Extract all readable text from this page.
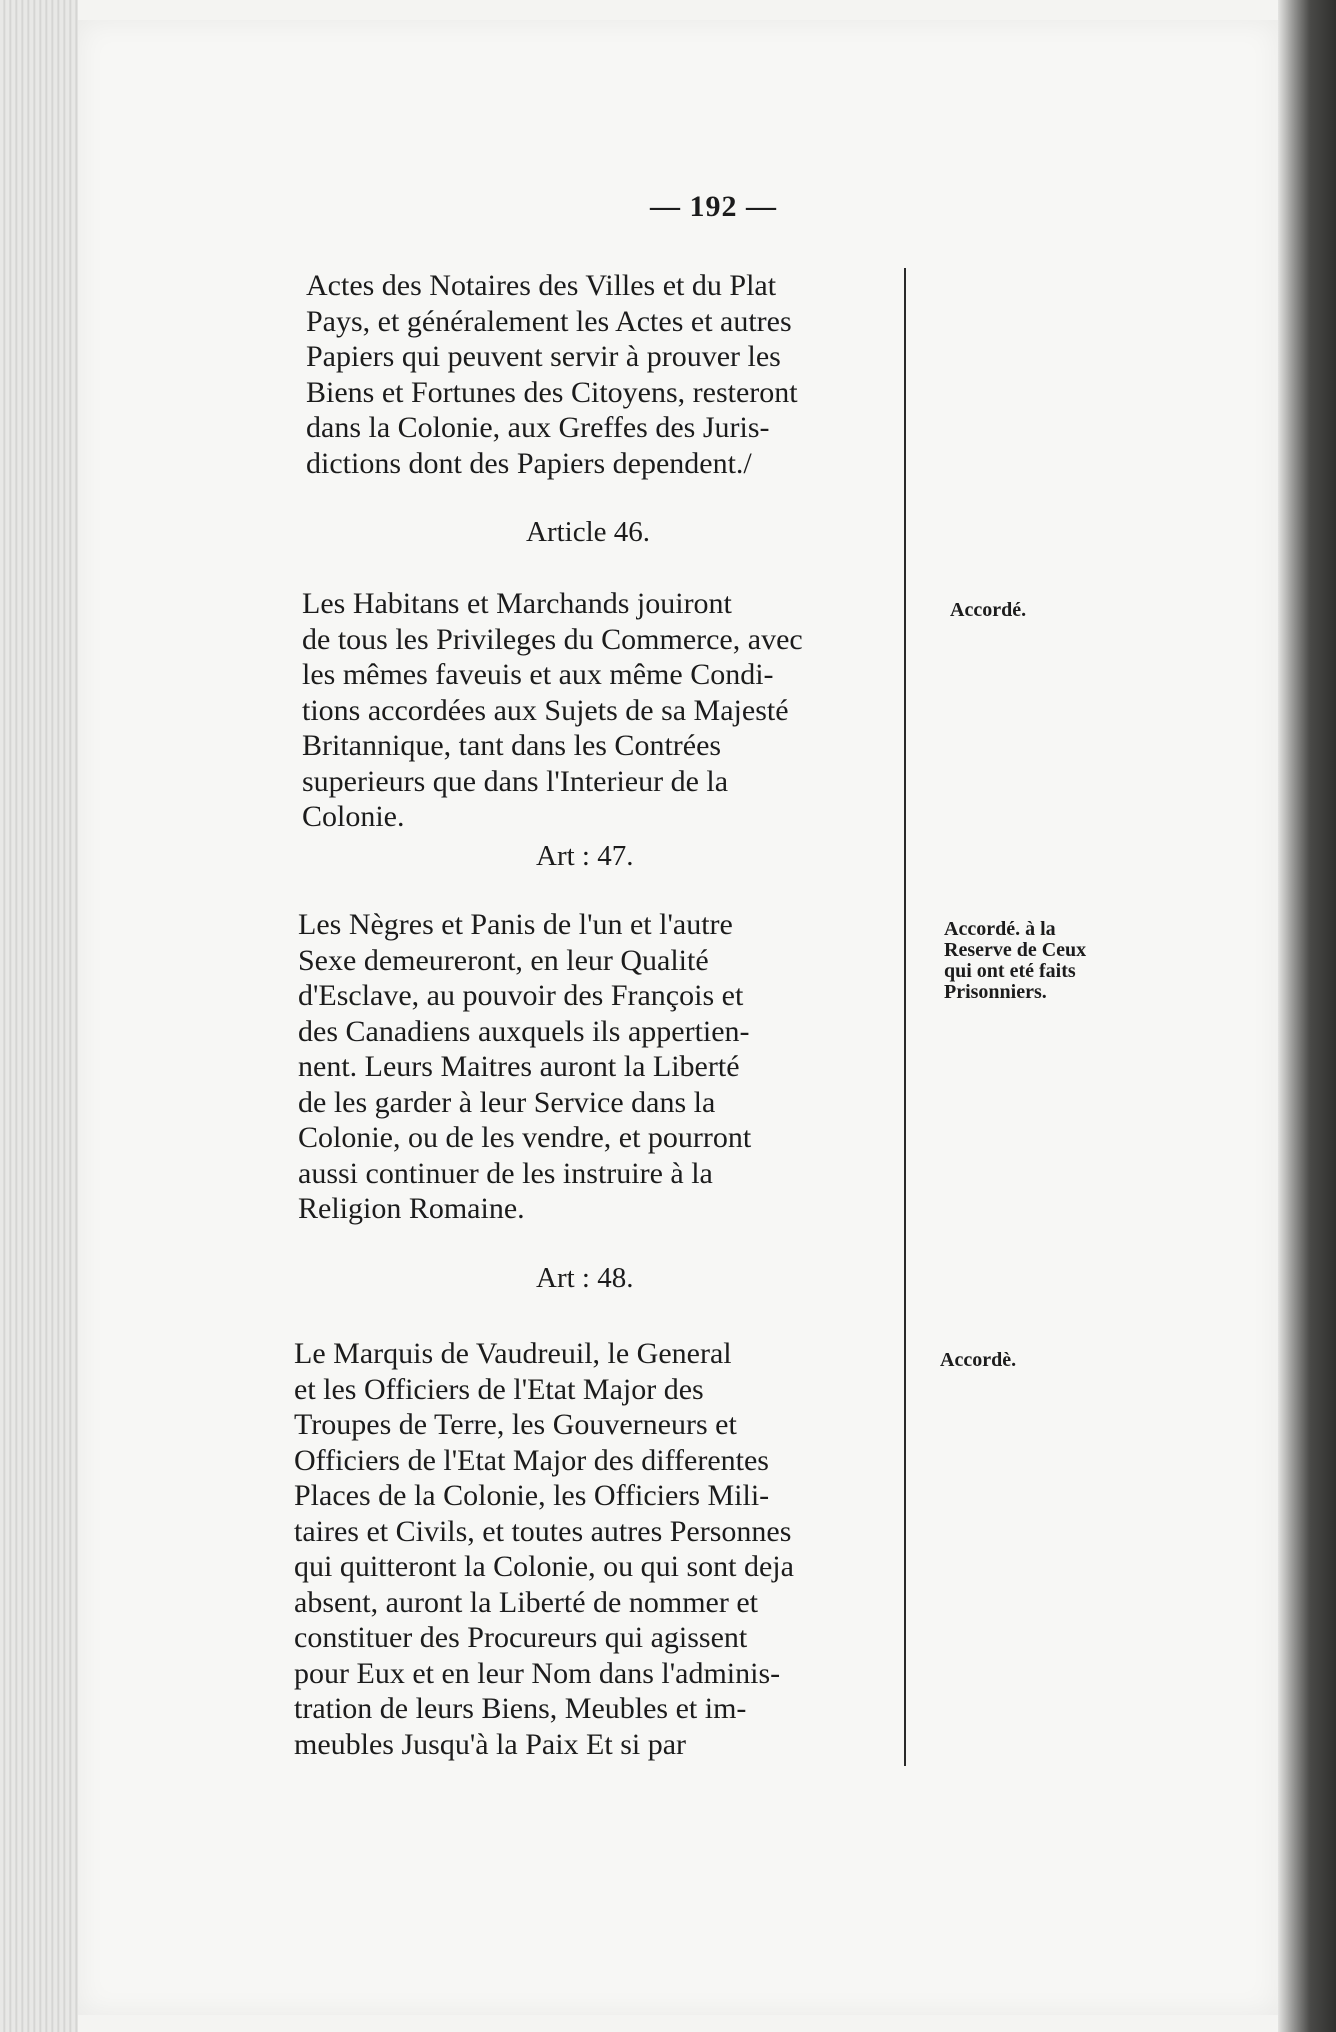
— 192 —
Actes des Notaires des Villes et du Plat
Pays, et généralement les Actes et autres
Papiers qui peuvent servir à prouver les
Biens et Fortunes des Citoyens, resteront
dans la Colonie, aux Greffes des Juris-
dictions dont des Papiers dependent./
Article 46.
Les Habitans et Marchands jouiront
de tous les Privileges du Commerce, avec
les mêmes faveuis et aux même Condi-
tions accordées aux Sujets de sa Majesté
Britannique, tant dans les Contrées
superieurs que dans l'Interieur de la
Colonie.
Accordé.
Art : 47.
Les Nègres et Panis de l'un et l'autre
Sexe demeureront, en leur Qualité
d'Esclave, au pouvoir des François et
des Canadiens auxquels ils appertien-
nent. Leurs Maitres auront la Liberté
de les garder à leur Service dans la
Colonie, ou de les vendre, et pourront
aussi continuer de les instruire à la
Religion Romaine.
Accordé. à la
Reserve de Ceux
qui ont eté faits
Prisonniers.
Art : 48.
Le Marquis de Vaudreuil, le General
et les Officiers de l'Etat Major des
Troupes de Terre, les Gouverneurs et
Officiers de l'Etat Major des differentes
Places de la Colonie, les Officiers Mili-
taires et Civils, et toutes autres Personnes
qui quitteront la Colonie, ou qui sont deja
absent, auront la Liberté de nommer et
constituer des Procureurs qui agissent
pour Eux et en leur Nom dans l'adminis-
tration de leurs Biens, Meubles et im-
meubles Jusqu'à la Paix Et si par
Accordè.
